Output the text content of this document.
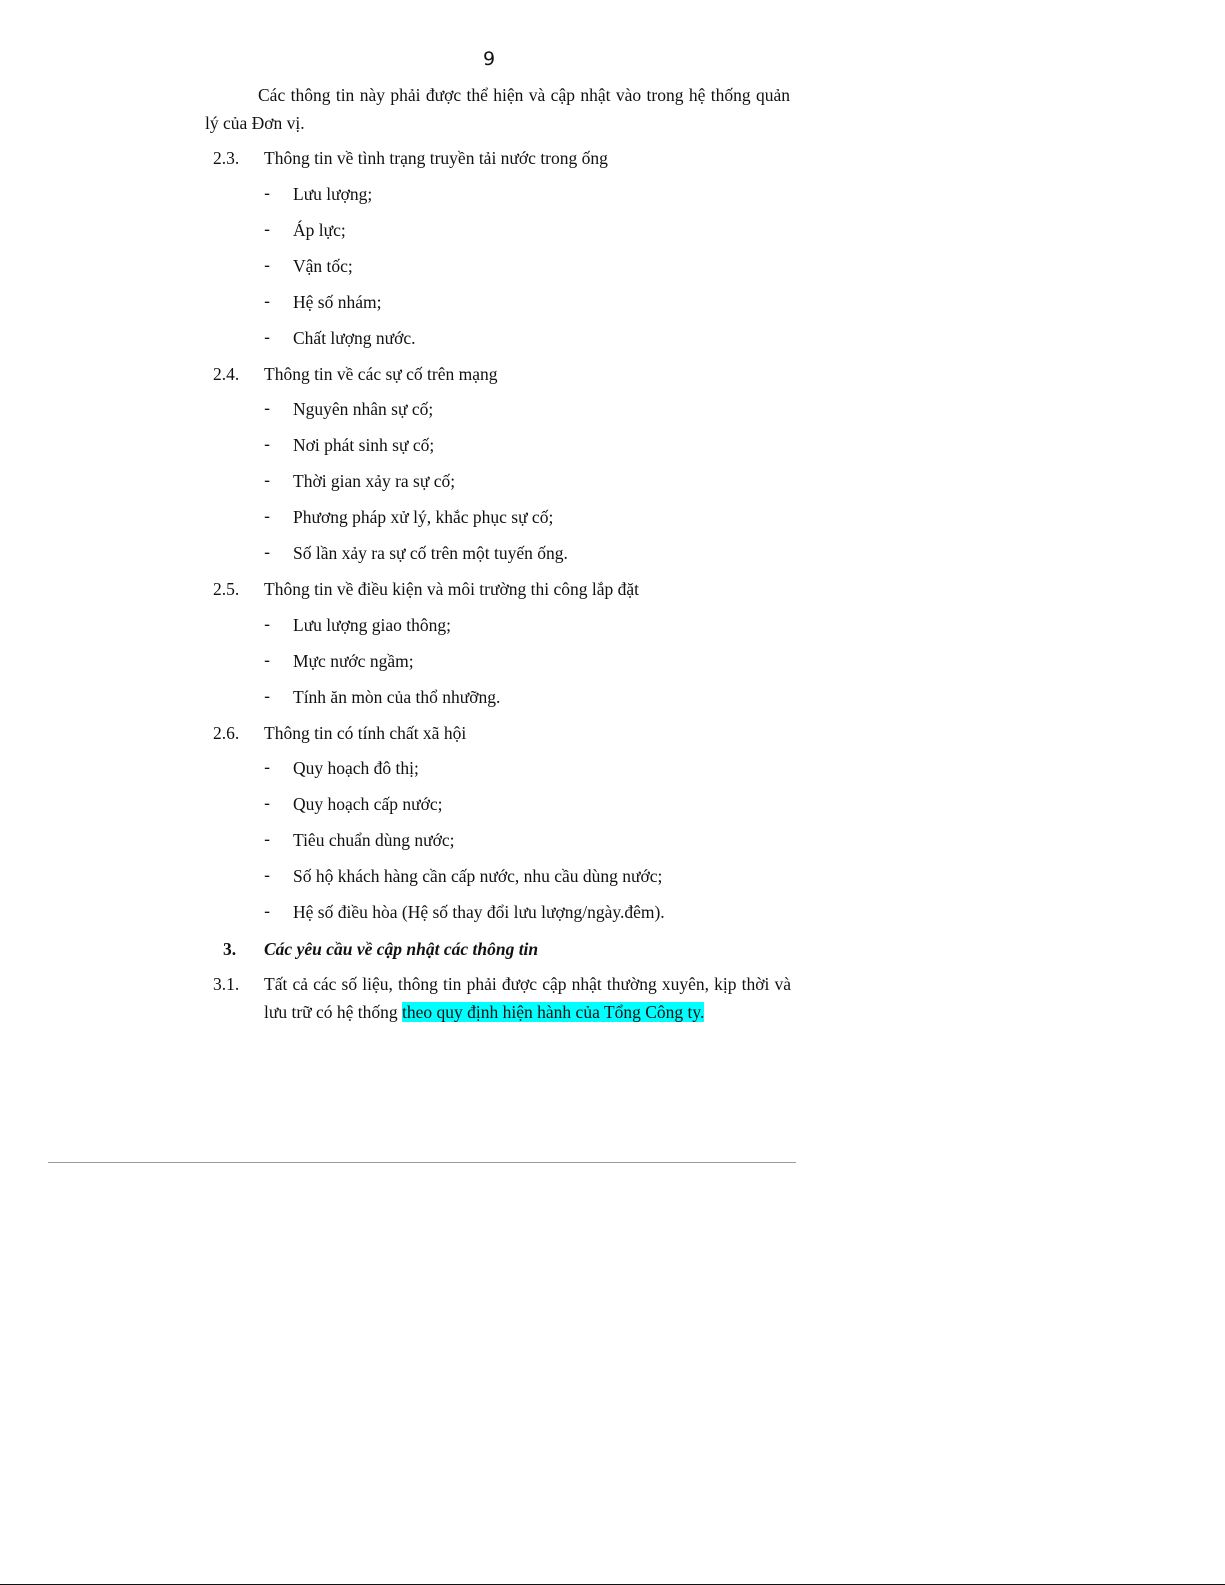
9
Các thông tin này phải được thể hiện và cập nhật vào trong hệ thống quản lý của Đơn vị.
2.3. Thông tin về tình trạng truyền tải nước trong ống
- Lưu lượng;
- Áp lực;
- Vận tốc;
- Hệ số nhám;
- Chất lượng nước.
2.4. Thông tin về các sự cố trên mạng
- Nguyên nhân sự cố;
- Nơi phát sinh sự cố;
- Thời gian xảy ra sự cố;
- Phương pháp xử lý, khắc phục sự cố;
- Số lần xảy ra sự cố trên một tuyến ống.
2.5. Thông tin về điều kiện và môi trường thi công lắp đặt
- Lưu lượng giao thông;
- Mực nước ngầm;
- Tính ăn mòn của thổ nhưỡng.
2.6. Thông tin có tính chất xã hội
- Quy hoạch đô thị;
- Quy hoạch cấp nước;
- Tiêu chuẩn dùng nước;
- Số hộ khách hàng cần cấp nước, nhu cầu dùng nước;
- Hệ số điều hòa (Hệ số thay đổi lưu lượng/ngày.đêm).
3. Các yêu cầu về cập nhật các thông tin
3.1. Tất cả các số liệu, thông tin phải được cập nhật thường xuyên, kịp thời và lưu trữ có hệ thống theo quy định hiện hành của Tổng Công ty.
